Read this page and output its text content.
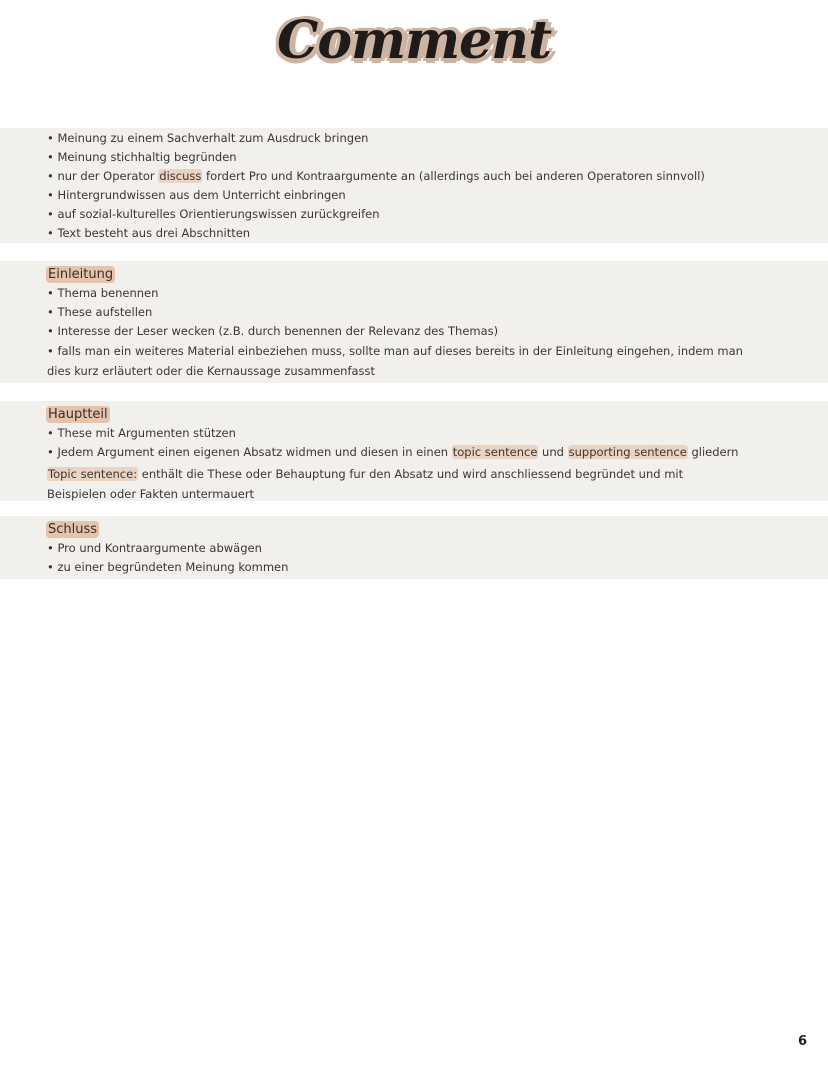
Comment
• Meinung zu einem Sachverhalt zum Ausdruck bringen
• Meinung stichhaltig begründen
• nur der Operator discuss fordert Pro und Kontraargumente an (allerdings auch bei anderen Operatoren sinnvoll)
• Hintergrundwissen aus dem Unterricht einbringen
• auf sozial-kulturelles Orientierungswissen zurückgreifen
• Text besteht aus drei Abschnitten
Einleitung
• Thema benennen
• These aufstellen
• Interesse der Leser wecken (z.B. durch benennen der Relevanz des Themas)
• falls man ein weiteres Material einbeziehen muss, sollte man auf dieses bereits in der Einleitung eingehen, indem man
dies kurz erläutert oder die Kernaussage zusammenfasst
Hauptteil
• These mit Argumenten stützen
• Jedem Argument einen eigenen Absatz widmen und diesen in einen topic sentence und supporting sentence gliedern
Topic sentence: enthält die These oder Behauptung fur den Absatz und wird anschliessend begründet und mit
Beispielen oder Fakten untermauert
Schluss
• Pro und Kontraargumente abwägen
• zu einer begründeten Meinung kommen
6
